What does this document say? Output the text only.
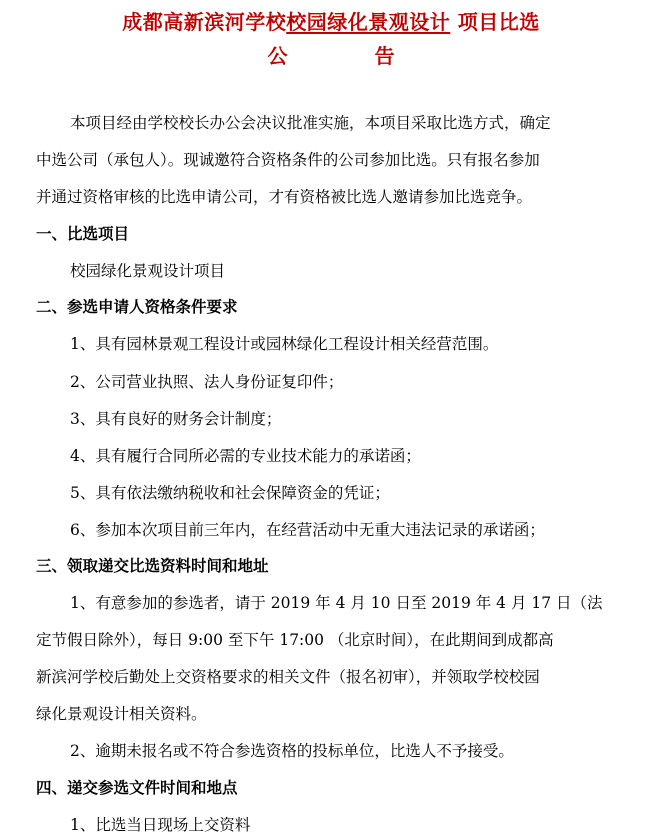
成都高新滨河学校校园绿化景观设计 项目比选
公	告
本项目经由学校校长办公会决议批准实施，本项目采取比选方式，确定
中选公司（承包人）。现诚邀符合资格条件的公司参加比选。只有报名参加
并通过资格审核的比选申请公司，才有资格被比选人邀请参加比选竞争。
一、比选项目
校园绿化景观设计项目
二、参选申请人资格条件要求
1、具有园林景观工程设计或园林绿化工程设计相关经营范围。
2、公司营业执照、法人身份证复印件；
3、具有良好的财务会计制度；
4、具有履行合同所必需的专业技术能力的承诺函；
5、具有依法缴纳税收和社会保障资金的凭证；
6、参加本次项目前三年内，在经营活动中无重大违法记录的承诺函；
三、领取递交比选资料时间和地址
1、有意参加的参选者，请于 2019 年 4 月 10 日至 2019 年 4 月 17 日（法
定节假日除外），每日 9:00 至下午 17:00 （北京时间），在此期间到成都高
新滨河学校后勤处上交资格要求的相关文件（报名初审），并领取学校校园
绿化景观设计相关资料。
2、逾期未报名或不符合参选资格的投标单位，比选人不予接受。
四、递交参选文件时间和地点
1、比选当日现场上交资料
